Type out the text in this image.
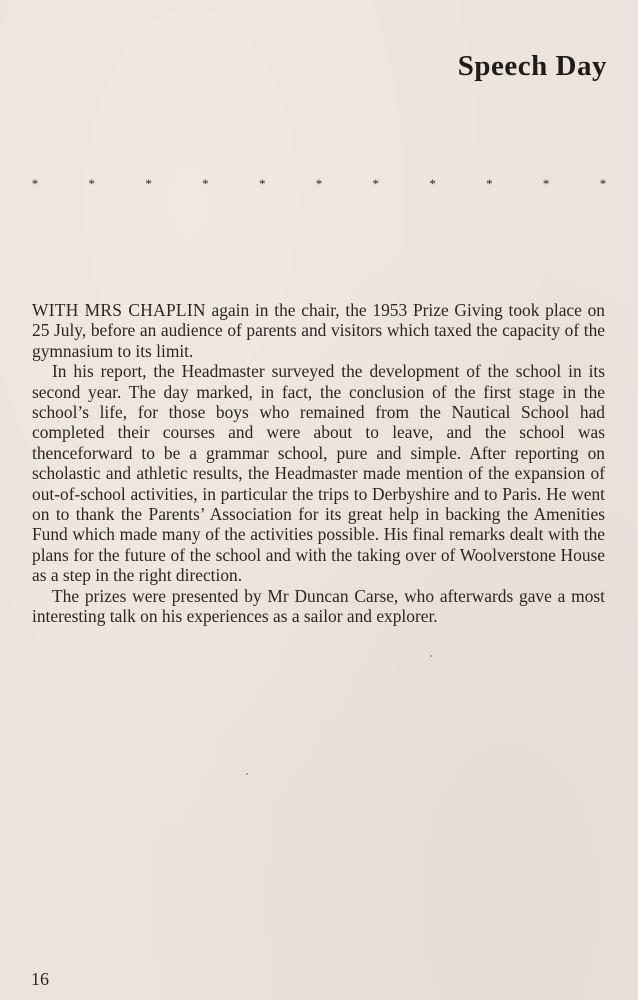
Speech Day
*	*	*	*	*	*	*	*	*	*	*

WITH MRS CHAPLIN again in the chair, the 1953 Prize Giving took place on 25 July, before an audience of parents and visitors which taxed the capacity of the gymnasium to its limit.

In his report, the Headmaster surveyed the development of the school in its second year. The day marked, in fact, the conclusion of the first stage in the school’s life, for those boys who remained from the Nautical School had completed their courses and were about to leave, and the school was thenceforward to be a grammar school, pure and simple. After reporting on scholastic and athletic results, the Headmaster made mention of the expansion of out-of-school activities, in particular the trips to Derbyshire and to Paris. He went on to thank the Parents’ Association for its great help in backing the Amenities Fund which made many of the activities possible. His final remarks dealt with the plans for the future of the school and with the taking over of Woolverstone House as a step in the right direction.

The prizes were presented by Mr Duncan Carse, who afterwards gave a most interesting talk on his experiences as a sailor and explorer.

16
